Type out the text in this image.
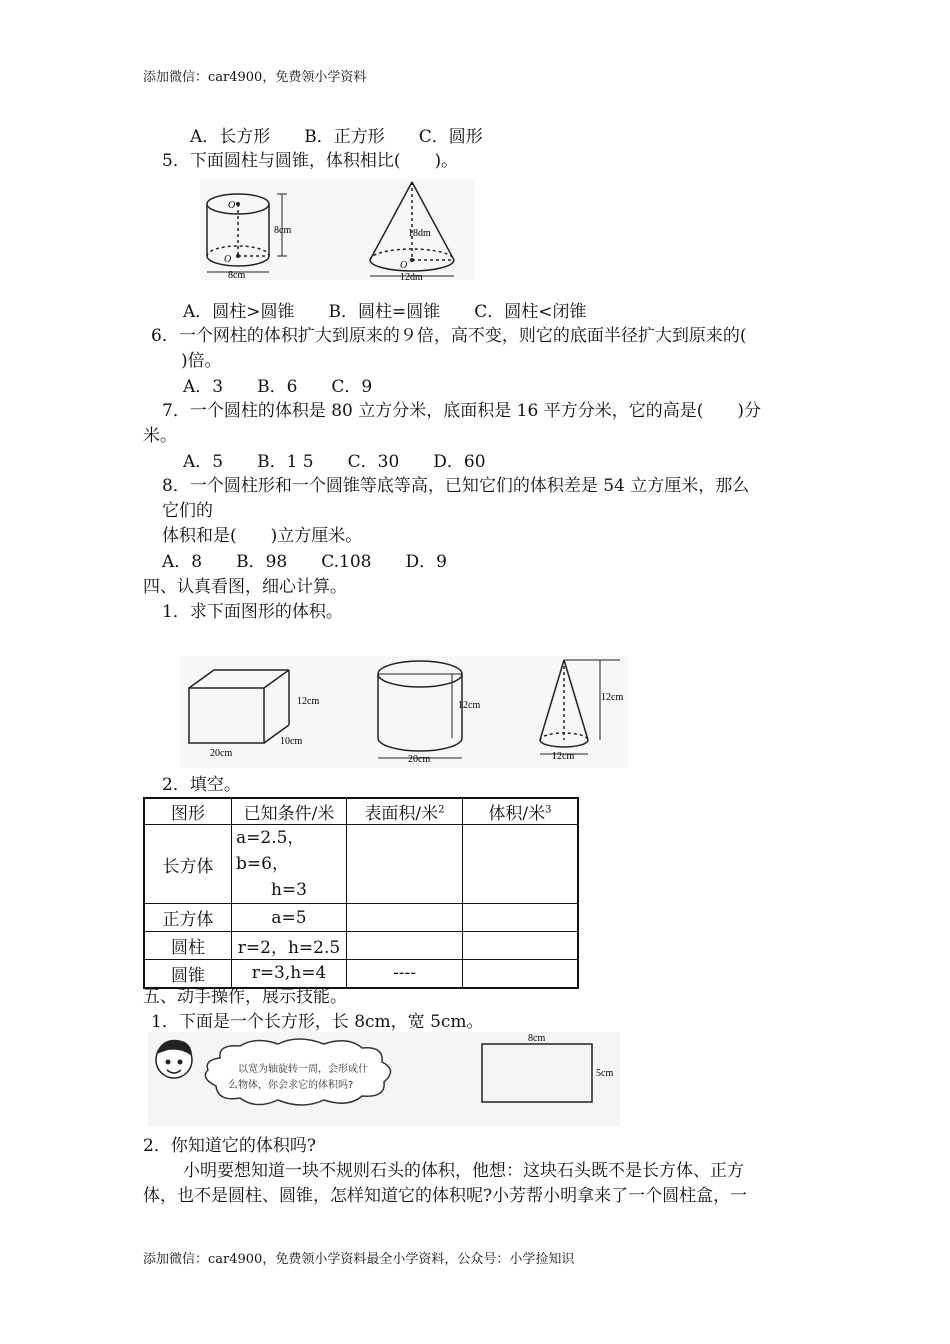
添加微信：car4900，免费领小学资料
A．长方形　　B．正方形　　C．圆形
5．下面圆柱与圆锥，体积相比(　　)。
O
O
8cm
8cm
18dm
O
12dm
A．圆柱>圆锥　　B．圆柱=圆锥　　C．圆柱<闭锥
6．一个网柱的体积扩大到原来的９倍，高不变，则它的底面半径扩大到原来的(
)倍。
A．3　　B．6　　C．9
7．一个圆柱的体积是 80 立方分米，底面积是 16 平方分米，它的高是(　　)分
米。
A．5　　B．1 5　　C．30　　D．60
8．一个圆柱形和一个圆锥等底等高，已知它们的体积差是 54 立方厘米，那么
它们的
体积和是(　　)立方厘米。
A．8　　B．98　　C.108　　D．9
四、认真看图，细心计算。
1．求下面图形的体积。
12cm
20cm
10cm
12cm
20cm
12cm
12cm
2．填空。
图形	已知条件/米	表面积/米$^2$	体积/米$^3$
长方体	a=2.5，b=6，
h=3		

正方体	a=5		
圆柱	r=2，h=2.5		
圆锥	r=3,h=4	----	
五、动手操作，展示技能。
1．下面是一个长方形，长 8cm，宽 5cm。
以宽为轴旋转一周，会形成什
么物体，你会求它的体积吗?
8cm
5cm
2．你知道它的体积吗?
小明要想知道一块不规则石头的体积，他想：这块石头既不是长方体、正方
体，也不是圆柱、圆锥，怎样知道它的体积呢?小芳帮小明拿来了一个圆柱盒，一
添加微信：car4900，免费领小学资料最全小学资料，公众号：小学捡知识
